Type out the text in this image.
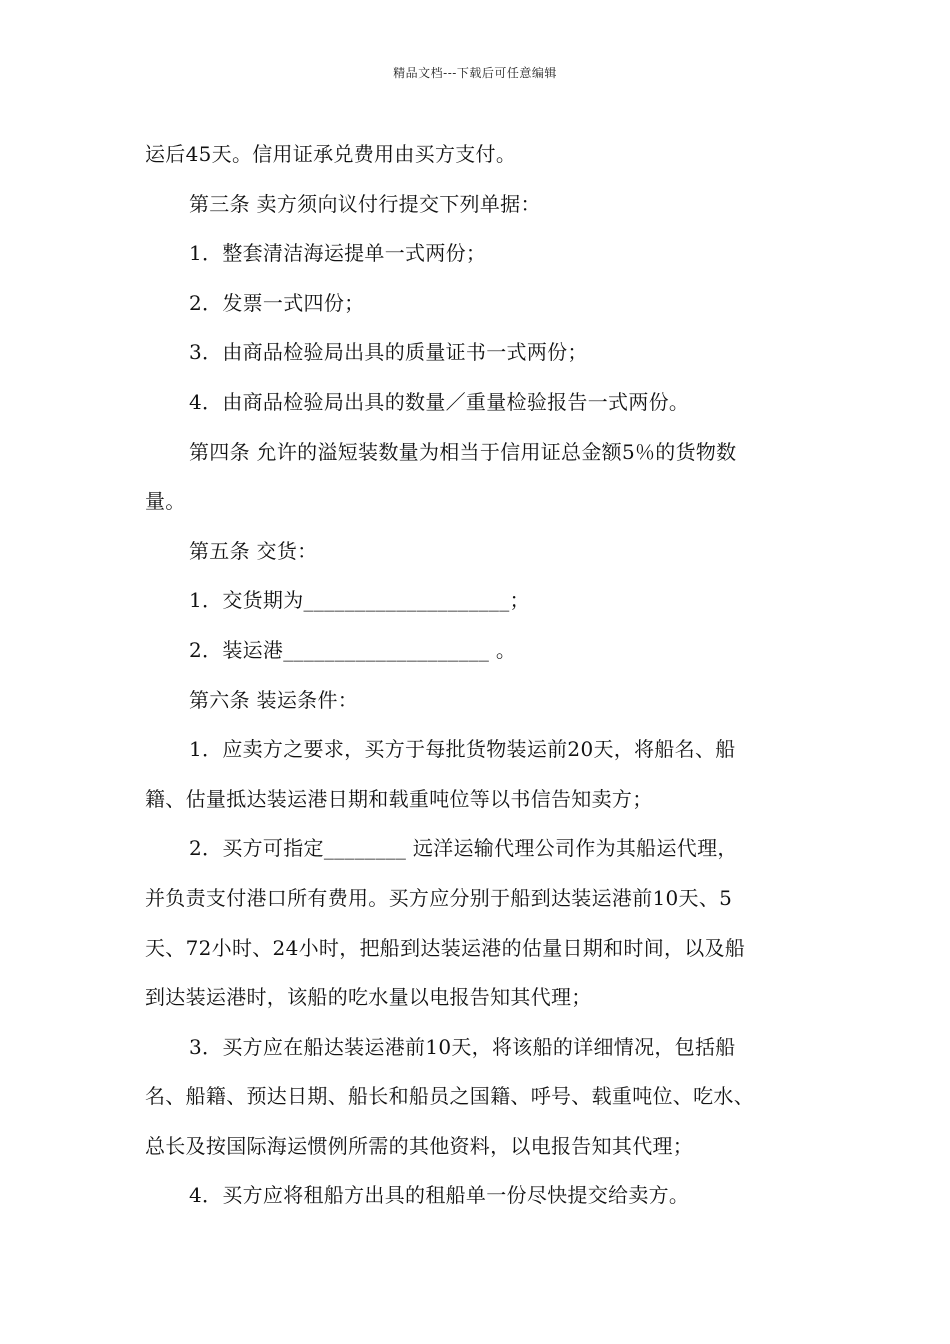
精品文档---下载后可任意编辑
运后45天。信用证承兑费用由买方支付。
第三条 卖方须向议付行提交下列单据：
1．整套清洁海运提单一式两份；
2．发票一式四份；
3．由商品检验局出具的质量证书一式两份；
4．由商品检验局出具的数量／重量检验报告一式两份。
第四条 允许的溢短装数量为相当于信用证总金额5％的货物数
量。
第五条 交货：
1．交货期为____________________；
2．装运港____________________ 。
第六条 装运条件：
1．应卖方之要求，买方于每批货物装运前20天，将船名、船
籍、估量抵达装运港日期和载重吨位等以书信告知卖方；
2．买方可指定________ 远洋运输代理公司作为其船运代理，
并负责支付港口所有费用。买方应分别于船到达装运港前10天、5
天、72小时、24小时，把船到达装运港的估量日期和时间，以及船
到达装运港时，该船的吃水量以电报告知其代理；
3．买方应在船达装运港前10天，将该船的详细情况，包括船
名、船籍、预达日期、船长和船员之国籍、呼号、载重吨位、吃水、
总长及按国际海运惯例所需的其他资料，以电报告知其代理；
4．买方应将租船方出具的租船单一份尽快提交给卖方。
